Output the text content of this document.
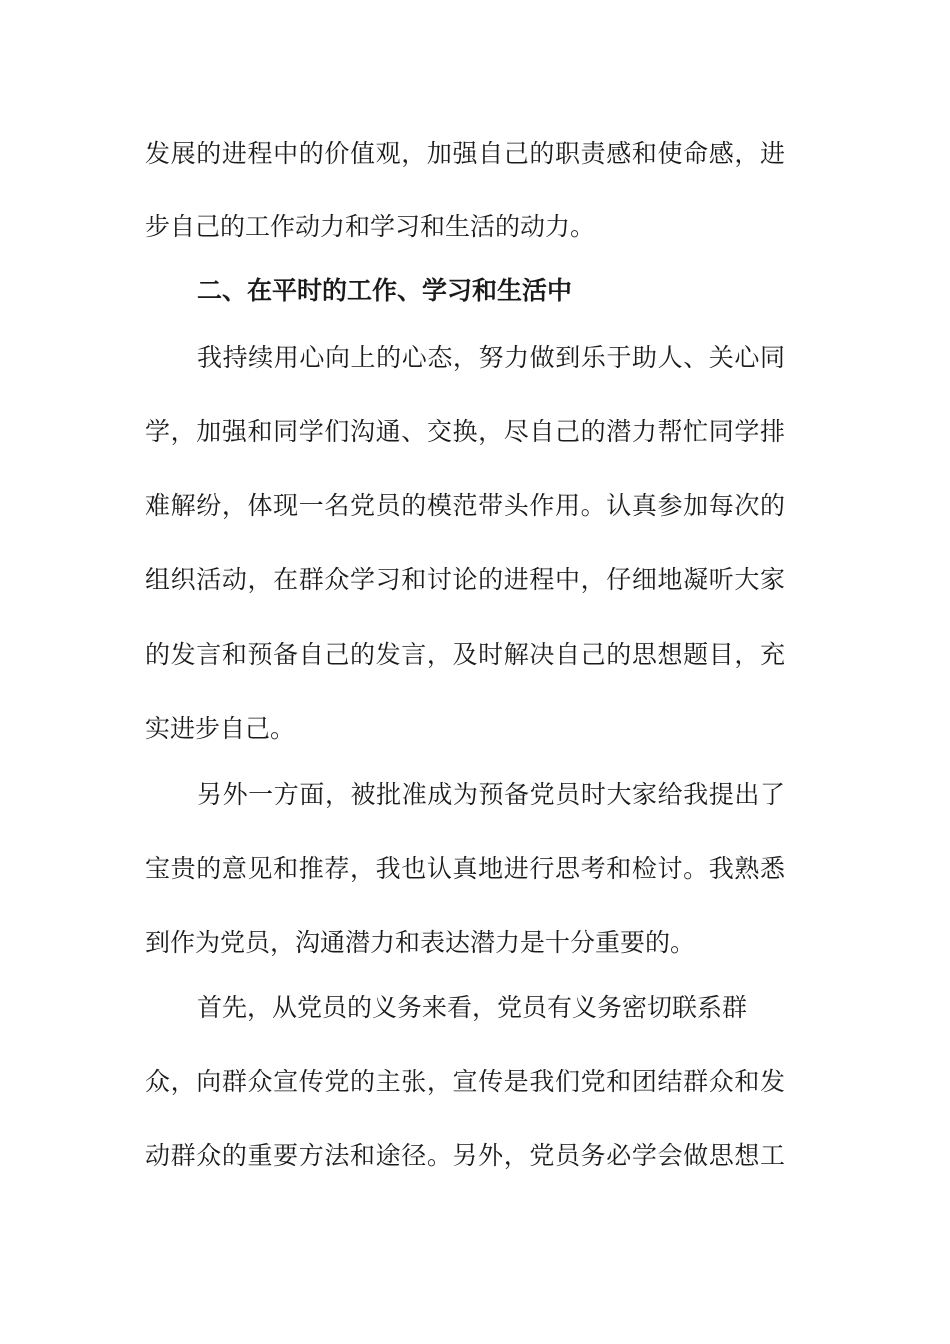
发展的进程中的价值观，加强自己的职责感和使命感，进
步自己的工作动力和学习和生活的动力。
二、在平时的工作、学习和生活中
我持续用心向上的心态，努力做到乐于助人、关心同
学，加强和同学们沟通、交换，尽自己的潜力帮忙同学排
难解纷，体现一名党员的模范带头作用。认真参加每次的
组织活动，在群众学习和讨论的进程中，仔细地凝听大家
的发言和预备自己的发言，及时解决自己的思想题目，充
实进步自己。
另外一方面，被批准成为预备党员时大家给我提出了
宝贵的意见和推荐，我也认真地进行思考和检讨。我熟悉
到作为党员，沟通潜力和表达潜力是十分重要的。
首先，从党员的义务来看，党员有义务密切联系群
众，向群众宣传党的主张，宣传是我们党和团结群众和发
动群众的重要方法和途径。另外，党员务必学会做思想工
